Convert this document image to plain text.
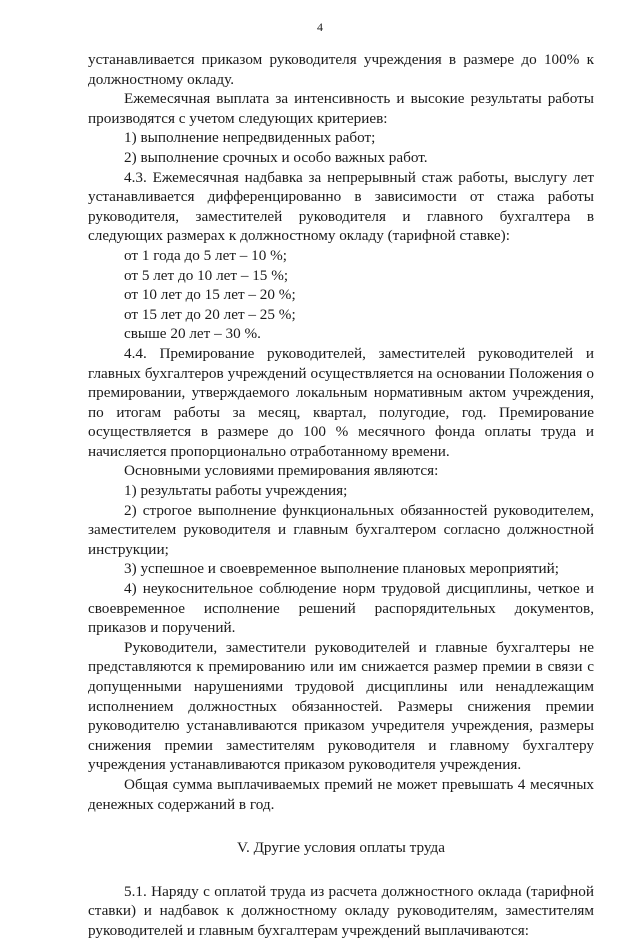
4

устанавливается приказом руководителя учреждения в размере до 100% к должностному окладу.

Ежемесячная выплата за интенсивность и высокие результаты работы производятся с учетом следующих критериев:

1) выполнение непредвиденных работ;

2) выполнение срочных и особо важных работ.

4.3. Ежемесячная надбавка за непрерывный стаж работы, выслугу лет устанавливается дифференцированно в зависимости от стажа работы руководителя, заместителей руководителя и главного бухгалтера в следующих размерах к должностному окладу (тарифной ставке):

от 1 года до 5 лет – 10 %;

от 5 лет до 10 лет – 15 %;

от 10 лет до 15 лет – 20 %;

от 15 лет до 20 лет – 25 %;

свыше 20 лет – 30 %.

4.4. Премирование руководителей, заместителей руководителей и главных бухгалтеров учреждений осуществляется на основании Положения о премировании, утверждаемого локальным нормативным актом учреждения, по итогам работы за месяц, квартал, полугодие, год. Премирование осуществляется в размере до 100 % месячного фонда оплаты труда и начисляется пропорционально отработанному времени.

Основными условиями премирования являются:

1) результаты работы учреждения;

2) строгое выполнение функциональных обязанностей руководителем, заместителем руководителя и главным бухгалтером согласно должностной инструкции;

3) успешное и своевременное выполнение плановых мероприятий;

4) неукоснительное соблюдение норм трудовой дисциплины, четкое и своевременное исполнение решений распорядительных документов, приказов и поручений.

Руководители, заместители руководителей и главные бухгалтеры не представляются к премированию или им снижается размер премии в связи с допущенными нарушениями трудовой дисциплины или ненадлежащим исполнением должностных обязанностей. Размеры снижения премии руководителю устанавливаются приказом учредителя учреждения, размеры снижения премии заместителям руководителя и главному бухгалтеру учреждения устанавливаются приказом руководителя учреждения.

Общая сумма выплачиваемых премий не может превышать 4 месячных денежных содержаний в год.

V. Другие условия оплаты труда

5.1. Наряду с оплатой труда из расчета должностного оклада (тарифной ставки) и надбавок к должностному окладу руководителям, заместителям руководителей и главным бухгалтерам учреждений выплачиваются:
